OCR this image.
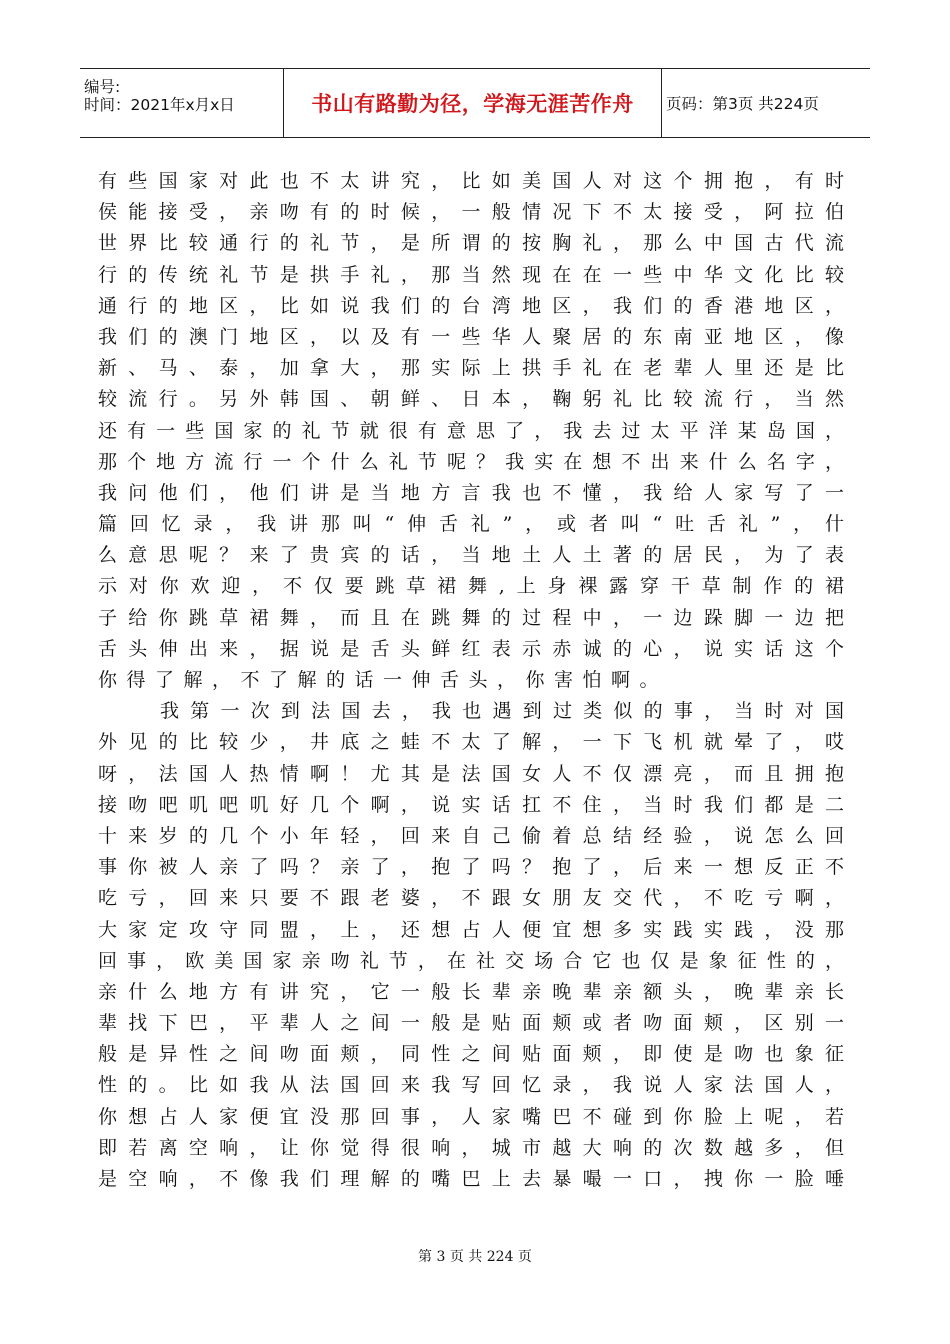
编号:
时间：2021年x月x日	书山有路勤为径，学海无涯苦作舟	页码：第3页 共224页
有些国家对此也不太讲究，比如美国人对这个拥抱，有时
侯能接受，亲吻有的时候，一般情况下不太接受，阿拉伯
世界比较通行的礼节，是所谓的按胸礼，那么中国古代流
行的传统礼节是拱手礼，那当然现在在一些中华文化比较
通行的地区，比如说我们的台湾地区，我们的香港地区，
我们的澳门地区，以及有一些华人聚居的东南亚地区，像
新、马、泰，加拿大，那实际上拱手礼在老辈人里还是比
较流行。另外韩国、朝鲜、日本，鞠躬礼比较流行，当然
还有一些国家的礼节就很有意思了，我去过太平洋某岛国，
那个地方流行一个什么礼节呢？我实在想不出来什么名字，
我问他们，他们讲是当地方言我也不懂，我给人家写了一
篇回忆录，我讲那叫“伸舌礼”，或者叫“吐舌礼”，什
么意思呢？来了贵宾的话，当地土人土著的居民，为了表
示对你欢迎，不仅要跳草裙舞,上身裸露穿干草制作的裙
子给你跳草裙舞，而且在跳舞的过程中，一边跺脚一边把
舌头伸出来，据说是舌头鲜红表示赤诚的心，说实话这个
你得了解，不了解的话一伸舌头，你害怕啊。
我第一次到法国去，我也遇到过类似的事，当时对国
外见的比较少，井底之蛙不太了解，一下飞机就晕了，哎
呀，法国人热情啊！尤其是法国女人不仅漂亮，而且拥抱
接吻吧叽吧叽好几个啊，说实话扛不住，当时我们都是二
十来岁的几个小年轻，回来自己偷着总结经验，说怎么回
事你被人亲了吗？亲了，抱了吗？抱了，后来一想反正不
吃亏，回来只要不跟老婆，不跟女朋友交代，不吃亏啊，
大家定攻守同盟，上，还想占人便宜想多实践实践，没那
回事，欧美国家亲吻礼节，在社交场合它也仅是象征性的，
亲什么地方有讲究，它一般长辈亲晚辈亲额头，晚辈亲长
辈找下巴，平辈人之间一般是贴面颊或者吻面颊，区别一
般是异性之间吻面颊，同性之间贴面颊，即使是吻也象征
性的。比如我从法国回来我写回忆录，我说人家法国人，
你想占人家便宜没那回事，人家嘴巴不碰到你脸上呢，若
即若离空响，让你觉得很响，城市越大响的次数越多，但
是空响，不像我们理解的嘴巴上去暴嘬一口，拽你一脸唾
第 3 页 共 224 页
